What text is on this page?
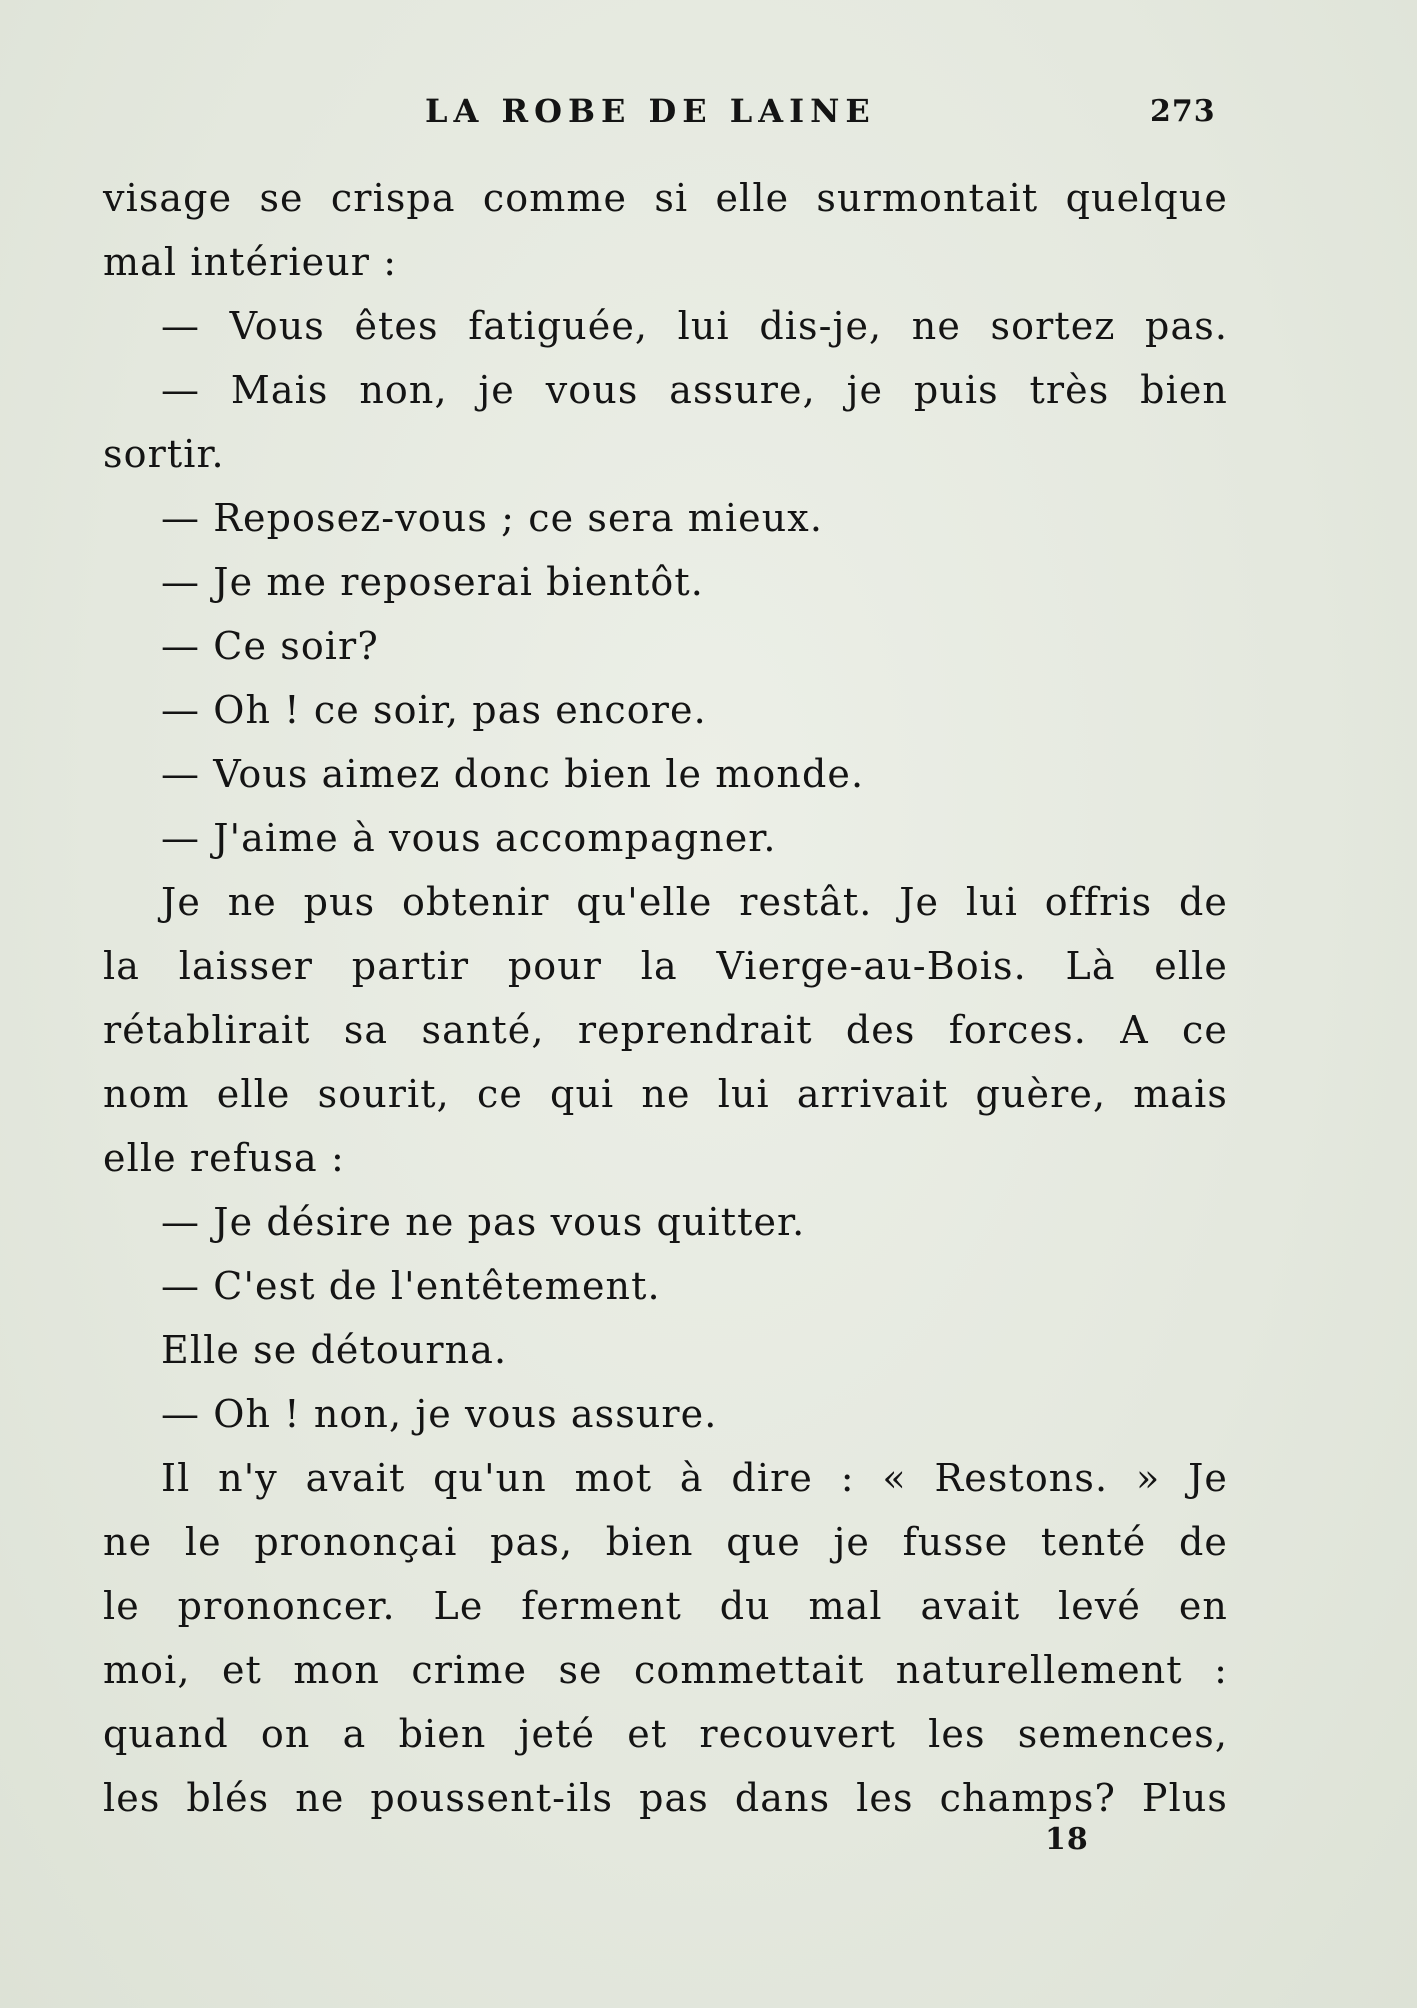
LA ROBE DE LAINE	273
visage se crispa comme si elle surmontait quelque
mal intérieur :
— Vous êtes fatiguée, lui dis-je, ne sortez pas.
— Mais non, je vous assure, je puis très bien
sortir.
— Reposez-vous ; ce sera mieux.
— Je me reposerai bientôt.
— Ce soir?
— Oh ! ce soir, pas encore.
— Vous aimez donc bien le monde.
— J'aime à vous accompagner.
Je ne pus obtenir qu'elle restât. Je lui offris de
la laisser partir pour la Vierge-au-Bois. Là elle
rétablirait sa santé, reprendrait des forces. A ce
nom elle sourit, ce qui ne lui arrivait guère, mais
elle refusa :
— Je désire ne pas vous quitter.
— C'est de l'entêtement.
Elle se détourna.
— Oh ! non, je vous assure.
Il n'y avait qu'un mot à dire : « Restons. » Je
ne le prononçai pas, bien que je fusse tenté de
le prononcer. Le ferment du mal avait levé en
moi, et mon crime se commettait naturellement :
quand on a bien jeté et recouvert les semences,
les blés ne poussent-ils pas dans les champs? Plus
18
